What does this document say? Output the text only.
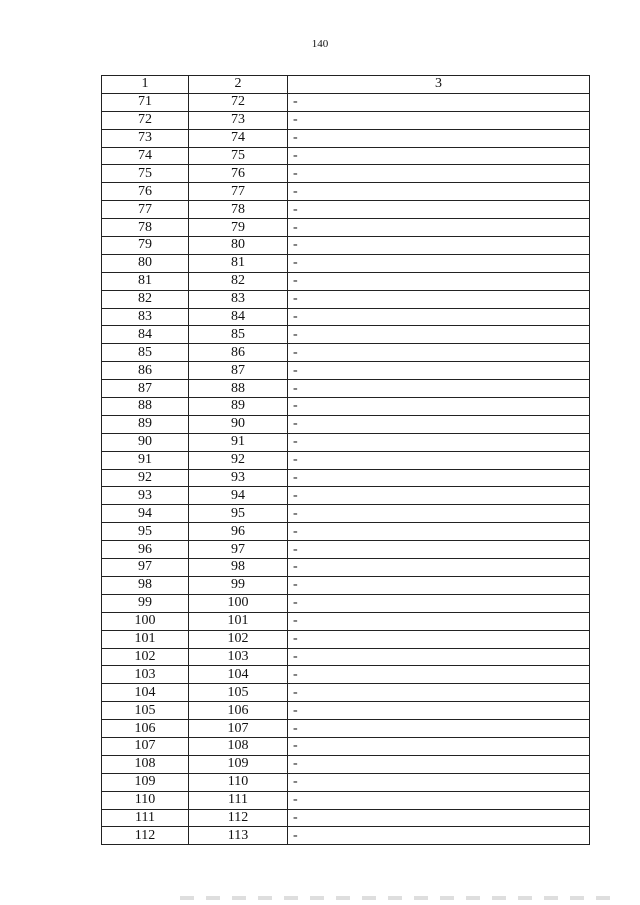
140
1	2	3
71	72	-
72	73	-
73	74	-
74	75	-
75	76	-
76	77	-
77	78	-
78	79	-
79	80	-
80	81	-
81	82	-
82	83	-
83	84	-
84	85	-
85	86	-
86	87	-
87	88	-
88	89	-
89	90	-
90	91	-
91	92	-
92	93	-
93	94	-
94	95	-
95	96	-
96	97	-
97	98	-
98	99	-
99	100	-
100	101	-
101	102	-
102	103	-
103	104	-
104	105	-
105	106	-
106	107	-
107	108	-
108	109	-
109	110	-
110	111	-
111	112	-
112	113	-
